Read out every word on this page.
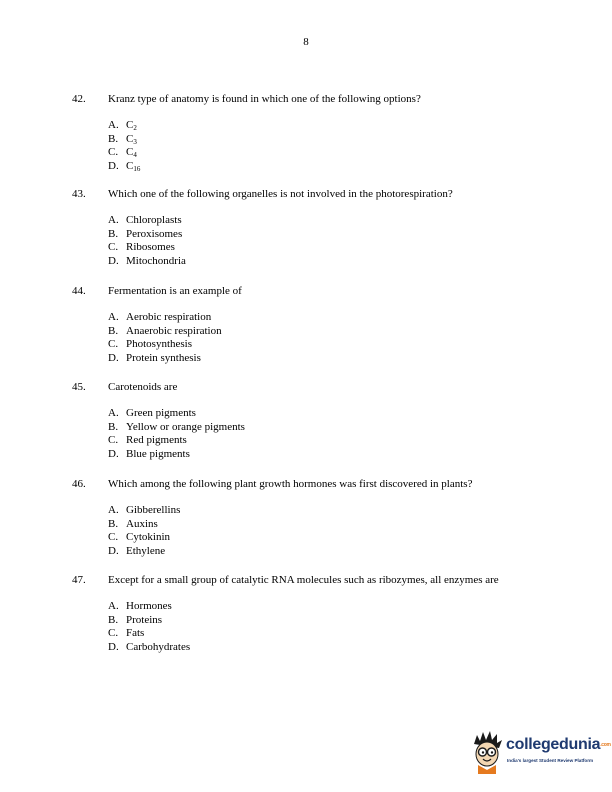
8
42.	Kranz type of anatomy is found in which one of the following options?
A. $C_2$
B. $C_3$
C. $C_4$
D. $C_{16}$
43.	Which one of the following organelles is not involved in the photorespiration?
A. Chloroplasts
B. Peroxisomes
C. Ribosomes
D. Mitochondria
44.	Fermentation is an example of
A. Aerobic respiration
B. Anaerobic respiration
C. Photosynthesis
D. Protein synthesis
45.	Carotenoids are
A. Green pigments
B. Yellow or orange pigments
C. Red pigments
D. Blue pigments
46.	Which among the following plant growth hormones was first discovered in plants?
A. Gibberellins
B. Auxins
C. Cytokinin
D. Ethylene
47.	Except for a small group of catalytic RNA molecules such as ribozymes, all enzymes are
A. Hormones
B. Proteins
C. Fats
D. Carbohydrates
collegedunia.com
India's largest Student Review Platform
